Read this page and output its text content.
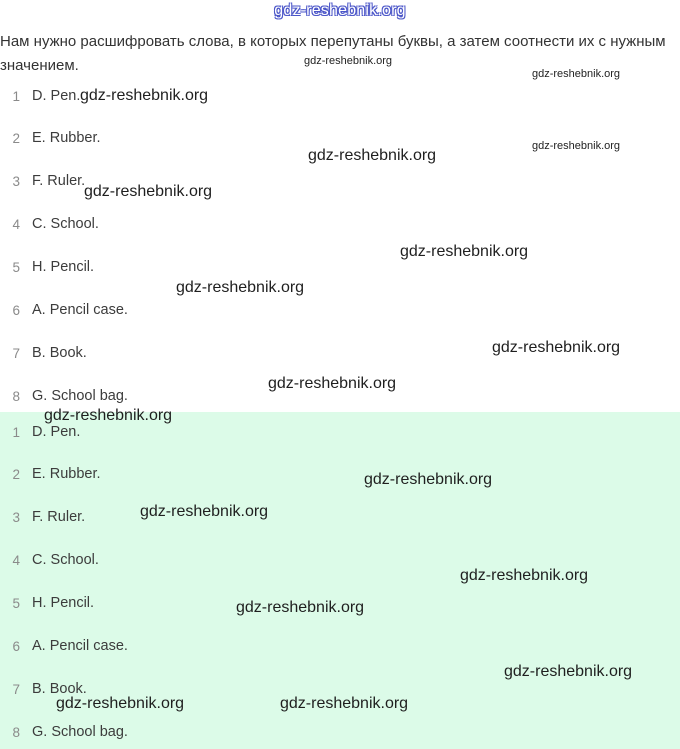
gdz-reshebnik.org
Нам нужно расшифровать слова, в которых перепутаны буквы, а затем соотнести их с нужным значением.
1 D. Pen.
2 E. Rubber.
3 F. Ruler.
4 C. School.
5 H. Pencil.
6 A. Pencil case.
7 B. Book.
8 G. School bag.
1 D. Pen.
2 E. Rubber.
3 F. Ruler.
4 C. School.
5 H. Pencil.
6 A. Pencil case.
7 B. Book.
8 G. School bag.
gdz-reshebnik.org
gdz-reshebnik.org
gdz-reshebnik.org
gdz-reshebnik.org
gdz-reshebnik.org
gdz-reshebnik.org
gdz-reshebnik.org
gdz-reshebnik.org
gdz-reshebnik.org
gdz-reshebnik.org
gdz-reshebnik.org
gdz-reshebnik.org
gdz-reshebnik.org
gdz-reshebnik.org
gdz-reshebnik.org
gdz-reshebnik.org
gdz-reshebnik.org	gdz-reshebnik.org
